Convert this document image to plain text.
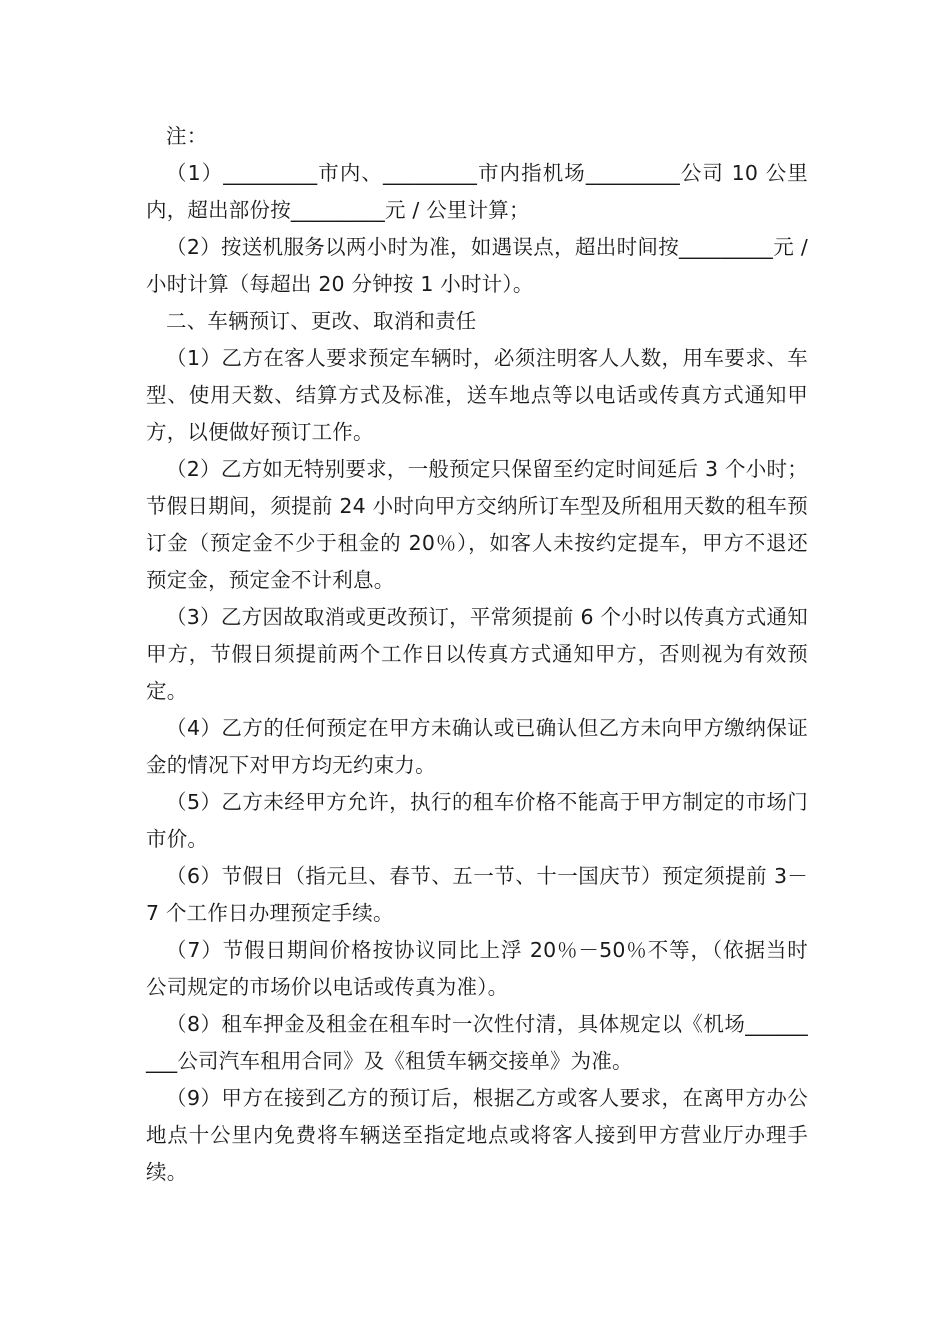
注：

（1）_________市内、_________市内指机场_________公司 10 公里内，超出部份按_________元 / 公里计算；

（2）按送机服务以两小时为准，如遇误点，超出时间按_________元 / 小时计算（每超出 20 分钟按 1 小时计）。

二、车辆预订、更改、取消和责任

（1）乙方在客人要求预定车辆时，必须注明客人人数，用车要求、车型、使用天数、结算方式及标准，送车地点等以电话或传真方式通知甲方，以便做好预订工作。

（2）乙方如无特别要求，一般预定只保留至约定时间延后 3 个小时；节假日期间，须提前 24 小时向甲方交纳所订车型及所租用天数的租车预订金（预定金不少于租金的 20％），如客人未按约定提车，甲方不退还预定金，预定金不计利息。

（3）乙方因故取消或更改预订，平常须提前 6 个小时以传真方式通知甲方，节假日须提前两个工作日以传真方式通知甲方，否则视为有效预定。

（4）乙方的任何预定在甲方未确认或已确认但乙方未向甲方缴纳保证金的情况下对甲方均无约束力。

（5）乙方未经甲方允许，执行的租车价格不能高于甲方制定的市场门市价。

（6）节假日（指元旦、春节、五一节、十一国庆节）预定须提前 3－7 个工作日办理预定手续。

（7）节假日期间价格按协议同比上浮 20％－50％不等，（依据当时公司规定的市场价以电话或传真为准）。

（8）租车押金及租金在租车时一次性付清，具体规定以《机场_________公司汽车租用合同》及《租赁车辆交接单》为准。

（9）甲方在接到乙方的预订后，根据乙方或客人要求，在离甲方办公地点十公里内免费将车辆送至指定地点或将客人接到甲方营业厅办理手续。
